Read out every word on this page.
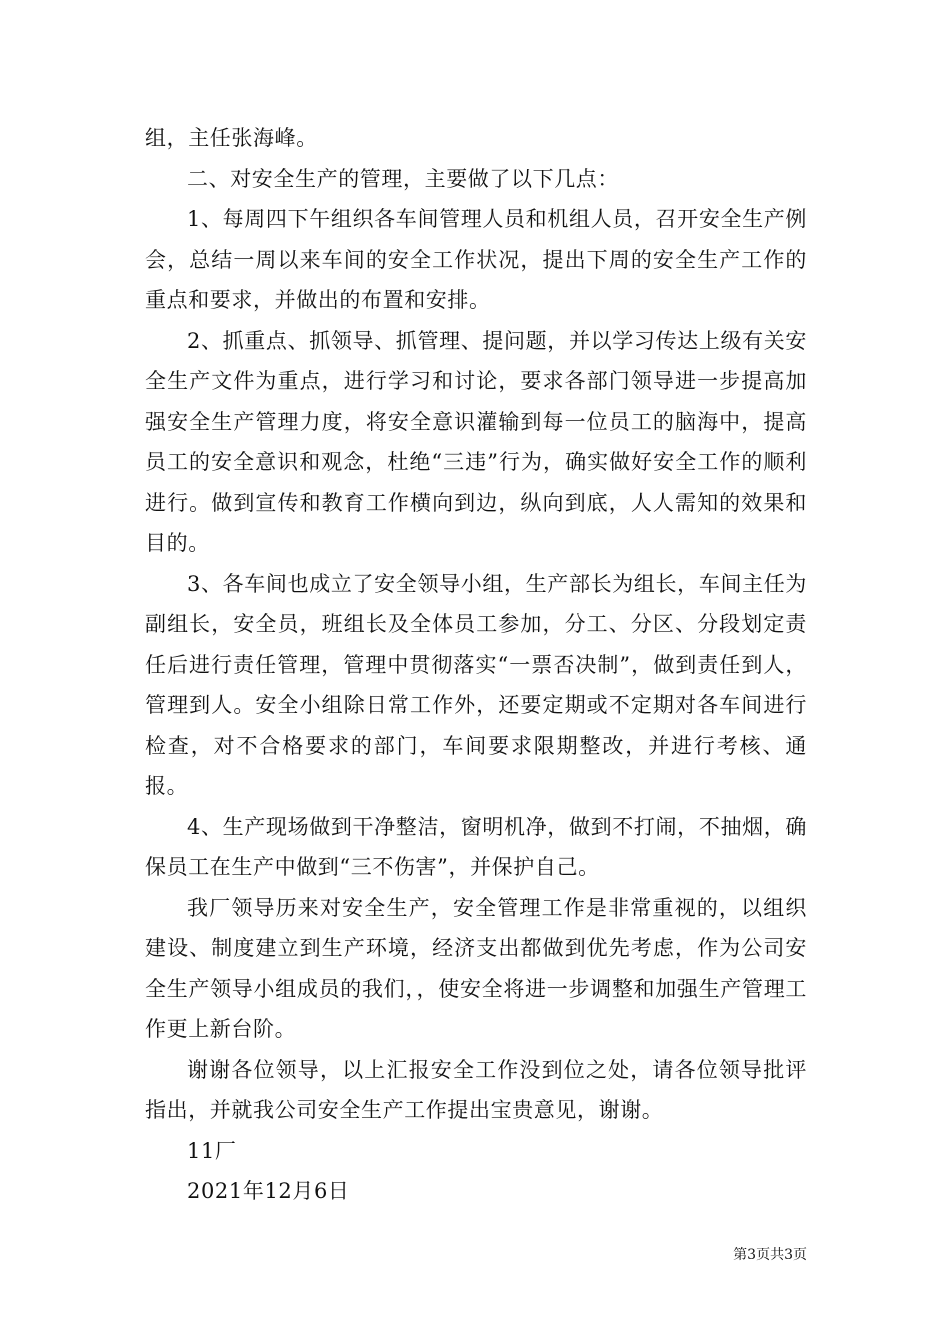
组，主任张海峰。

二、对安全生产的管理，主要做了以下几点：

1、每周四下午组织各车间管理人员和机组人员，召开安全生产例会，总结一周以来车间的安全工作状况，提出下周的安全生产工作的重点和要求，并做出的布置和安排。

2、抓重点、抓领导、抓管理、提问题，并以学习传达上级有关安全生产文件为重点，进行学习和讨论，要求各部门领导进一步提高加强安全生产管理力度，将安全意识灌输到每一位员工的脑海中，提高员工的安全意识和观念，杜绝“三违”行为，确实做好安全工作的顺利进行。做到宣传和教育工作横向到边，纵向到底，人人需知的效果和目的。

3、各车间也成立了安全领导小组，生产部长为组长，车间主任为副组长，安全员，班组长及全体员工参加，分工、分区、分段划定责任后进行责任管理，管理中贯彻落实“一票否决制”，做到责任到人，管理到人。安全小组除日常工作外，还要定期或不定期对各车间进行检查，对不合格要求的部门，车间要求限期整改，并进行考核、通报。

4、生产现场做到干净整洁，窗明机净，做到不打闹，不抽烟，确保员工在生产中做到“三不伤害”，并保护自己。

我厂领导历来对安全生产，安全管理工作是非常重视的，以组织建设、制度建立到生产环境，经济支出都做到优先考虑，作为公司安全生产领导小组成员的我们，，使安全将进一步调整和加强生产管理工作更上新台阶。

谢谢各位领导，以上汇报安全工作没到位之处，请各位领导批评指出，并就我公司安全生产工作提出宝贵意见，谢谢。

11厂

2021年12月6日

第3页共3页
